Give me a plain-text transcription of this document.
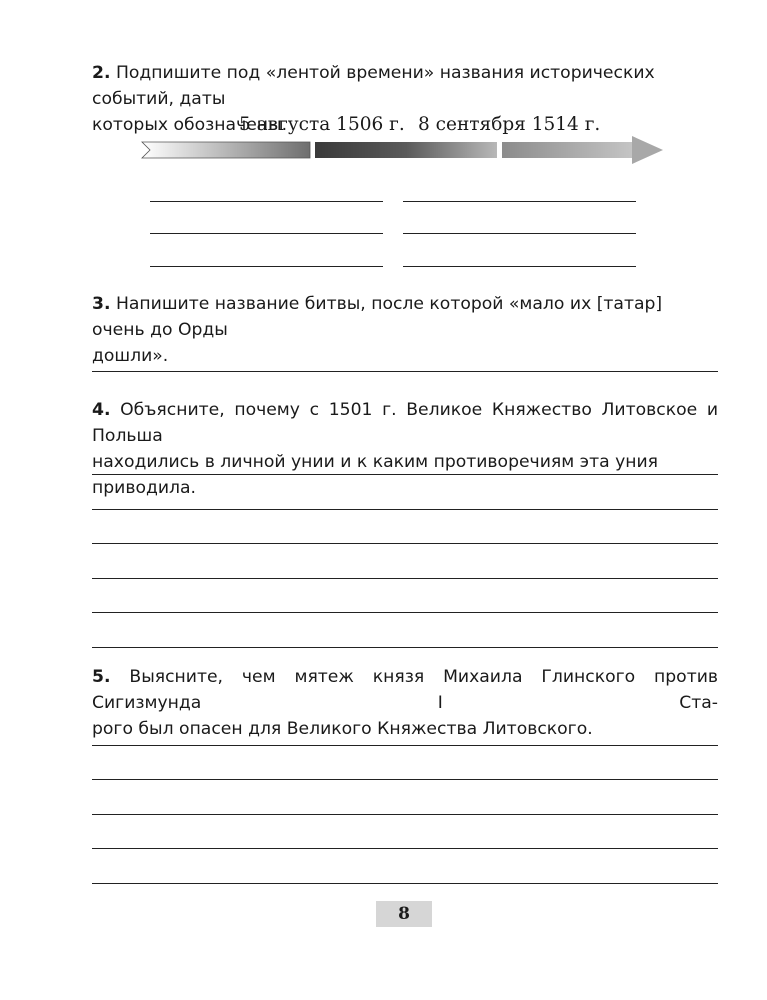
2. Подпишите под «лентой времени» названия исторических событий, даты
которых обозначены.
5 августа 1506 г. 8 сентября 1514 г.
3. Напишите название битвы, после которой «мало их [татар] очень до Орды
дошли».
4. Объясните, почему с 1501 г. Великое Княжество Литовское и Польша
находились в личной унии и к каким противоречиям эта уния приводила.
5. Выясните, чем мятеж князя Михаила Глинского против Сигизмунда I Ста-
рого был опасен для Великого Княжества Литовского.
8
